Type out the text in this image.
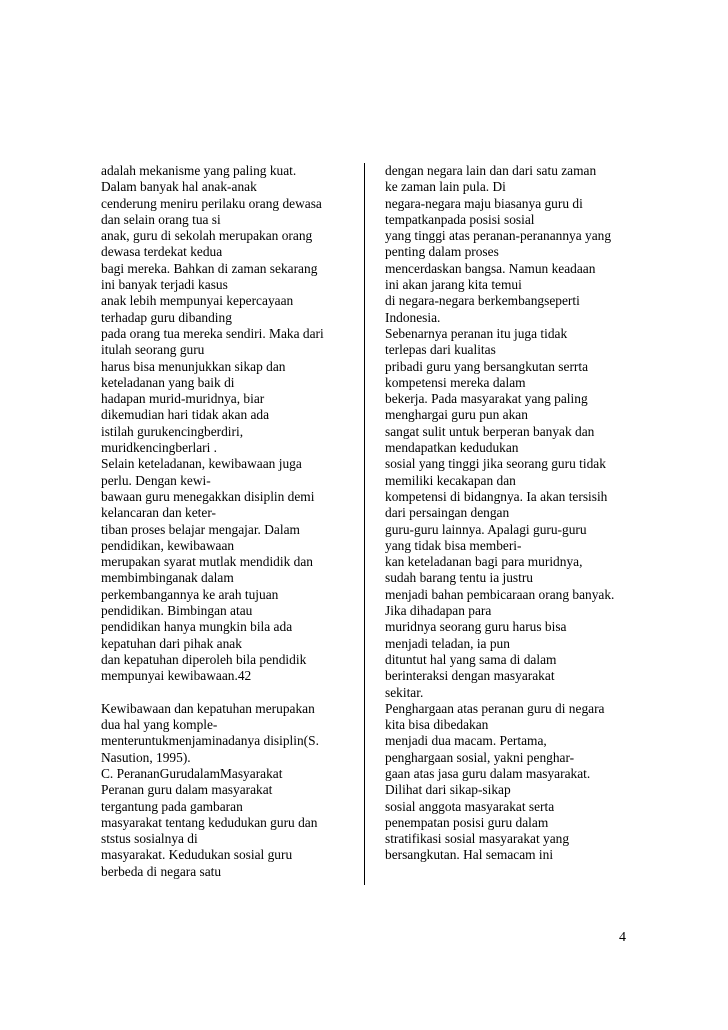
adalah mekanisme yang paling kuat.
Dalam banyak hal anak-anak
cenderung meniru perilaku orang dewasa
dan selain orang tua si
anak, guru di sekolah merupakan orang
dewasa terdekat kedua
bagi mereka. Bahkan di zaman sekarang
ini banyak terjadi kasus
anak lebih mempunyai kepercayaan
terhadap guru dibanding
pada orang tua mereka sendiri. Maka dari
itulah seorang guru
harus bisa menunjukkan sikap dan
keteladanan yang baik di
hadapan murid-muridnya, biar
dikemudian hari tidak akan ada
istilah gurukencingberdiri,
muridkencingberlari .
Selain keteladanan, kewibawaan juga
perlu. Dengan kewi-
bawaan guru menegakkan disiplin demi
kelancaran dan keter-
tiban proses belajar mengajar. Dalam
pendidikan, kewibawaan
merupakan syarat mutlak mendidik dan
membimbinganak dalam
perkembangannya ke arah tujuan
pendidikan. Bimbingan atau
pendidikan hanya mungkin bila ada
kepatuhan dari pihak anak
dan kepatuhan diperoleh bila pendidik
mempunyai kewibawaan.42
Kewibawaan dan kepatuhan merupakan
dua hal yang komple-
menteruntukmenjaminadanya disiplin(S.
Nasution, 1995).
C. PerananGurudalamMasyarakat
Peranan guru dalam masyarakat
tergantung pada gambaran
masyarakat tentang kedudukan guru dan
ststus sosialnya di
masyarakat. Kedudukan sosial guru
berbeda di negara satu
dengan negara lain dan dari satu zaman
ke zaman lain pula. Di
negara-negara maju biasanya guru di
tempatkanpada posisi sosial
yang tinggi atas peranan-peranannya yang
penting dalam proses
mencerdaskan bangsa. Namun keadaan
ini akan jarang kita temui
di negara-negara berkembangseperti
Indonesia.
Sebenarnya peranan itu juga tidak
terlepas dari kualitas
pribadi guru yang bersangkutan serrta
kompetensi mereka dalam
bekerja. Pada masyarakat yang paling
menghargai guru pun akan
sangat sulit untuk berperan banyak dan
mendapatkan kedudukan
sosial yang tinggi jika seorang guru tidak
memiliki kecakapan dan
kompetensi di bidangnya. Ia akan tersisih
dari persaingan dengan
guru-guru lainnya. Apalagi guru-guru
yang tidak bisa memberi-
kan keteladanan bagi para muridnya,
sudah barang tentu ia justru
menjadi bahan pembicaraan orang banyak.
Jika dihadapan para
muridnya seorang guru harus bisa
menjadi teladan, ia pun
dituntut hal yang sama di dalam
berinteraksi dengan masyarakat
sekitar.
Penghargaan atas peranan guru di negara
kita bisa dibedakan
menjadi dua macam. Pertama,
penghargaan sosial, yakni penghar-
gaan atas jasa guru dalam masyarakat.
Dilihat dari sikap-sikap
sosial anggota masyarakat serta
penempatan posisi guru dalam
stratifikasi sosial masyarakat yang
bersangkutan. Hal semacam ini
4
